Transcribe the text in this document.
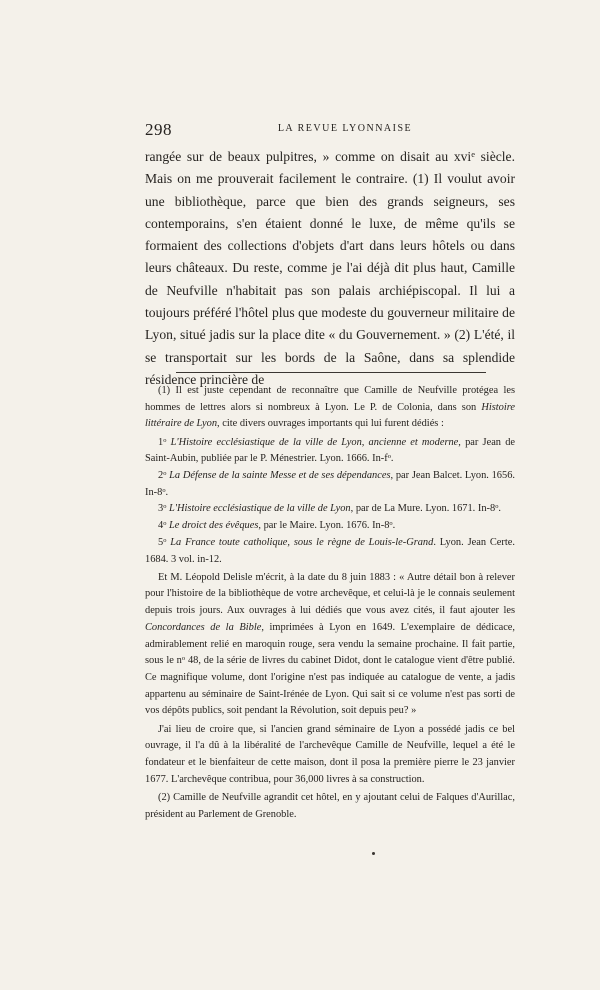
298	LA REVUE LYONNAISE

rangée sur de beaux pulpitres, » comme on disait au xvi$^e$ siècle. Mais on me prouverait facilement le contraire. (1) Il voulut avoir une bibliothèque, parce que bien des grands seigneurs, ses contemporains, s'en étaient donné le luxe, de même qu'ils se formaient des collections d'objets d'art dans leurs hôtels ou dans leurs châteaux. Du reste, comme je l'ai déjà dit plus haut, Camille de Neufville n'habitait pas son palais archiépiscopal. Il lui a toujours préféré l'hôtel plus que modeste du gouverneur militaire de Lyon, situé jadis sur la place dite « du Gouvernement. » (2) L'été, il se transportait sur les bords de la Saône, dans sa splendide résidence princière de

(1) Il est juste cependant de reconnaître que Camille de Neufville protégea les hommes de lettres alors si nombreux à Lyon. Le P. de Colonia, dans son Histoire littéraire de Lyon, cite divers ouvrages importants qui lui furent dédiés :

1$^o$ L'Histoire ecclésiastique de la ville de Lyon, ancienne et moderne, par Jean de Saint-Aubin, publiée par le P. Ménestrier. Lyon. 1666. $In-f^o$.

2$^o$ La Défense de la sainte Messe et de ses dépendances, par Jean Balcet. Lyon. 1656. In-8$^o$.

3$^o$ L'Histoire ecclésiastique de la ville de Lyon, par de La Mure. Lyon. 1671. In-8$^o$.

4$^o$ Le droict des évêques, par le Maire. Lyon. 1676. In-8$^o$.

5$^o$ La France toute catholique, sous le règne de Louis-le-Grand. Lyon. Jean Certe. 1684. 3 vol. in-12.

Et M. Léopold Delisle m'écrit, à la date du 8 juin 1883 : « Autre détail bon à relever pour l'histoire de la bibliothèque de votre archevêque, et celui-là je le connais seulement depuis trois jours. Aux ouvrages à lui dédiés que vous avez cités, il faut ajouter les Concordances de la Bible, imprimées à Lyon en 1649. L'exemplaire de dédicace, admirablement relié en maroquin rouge, sera vendu la semaine prochaine. Il fait partie, sous le $n^o$ 48, de la série de livres du cabinet Didot, dont le catalogue vient d'être publié. Ce magnifique volume, dont l'origine n'est pas indiquée au catalogue de vente, a jadis appartenu au séminaire de Saint-Irénée de Lyon. Qui sait si ce volume n'est pas sorti de vos dépôts publics, soit pendant la Révolution, soit depuis peu? »

J'ai lieu de croire que, si l'ancien grand séminaire de Lyon a possédé jadis ce bel ouvrage, il l'a dû à la libéralité de l'archevêque Camille de Neufville, lequel a été le fondateur et le bienfaiteur de cette maison, dont il posa la première pierre le 23 janvier 1677. L'archevêque contribua, pour 36,000 livres à sa construction.

(2) Camille de Neufville agrandit cet hôtel, en y ajoutant celui de Falques d'Aurillac, président au Parlement de Grenoble.
